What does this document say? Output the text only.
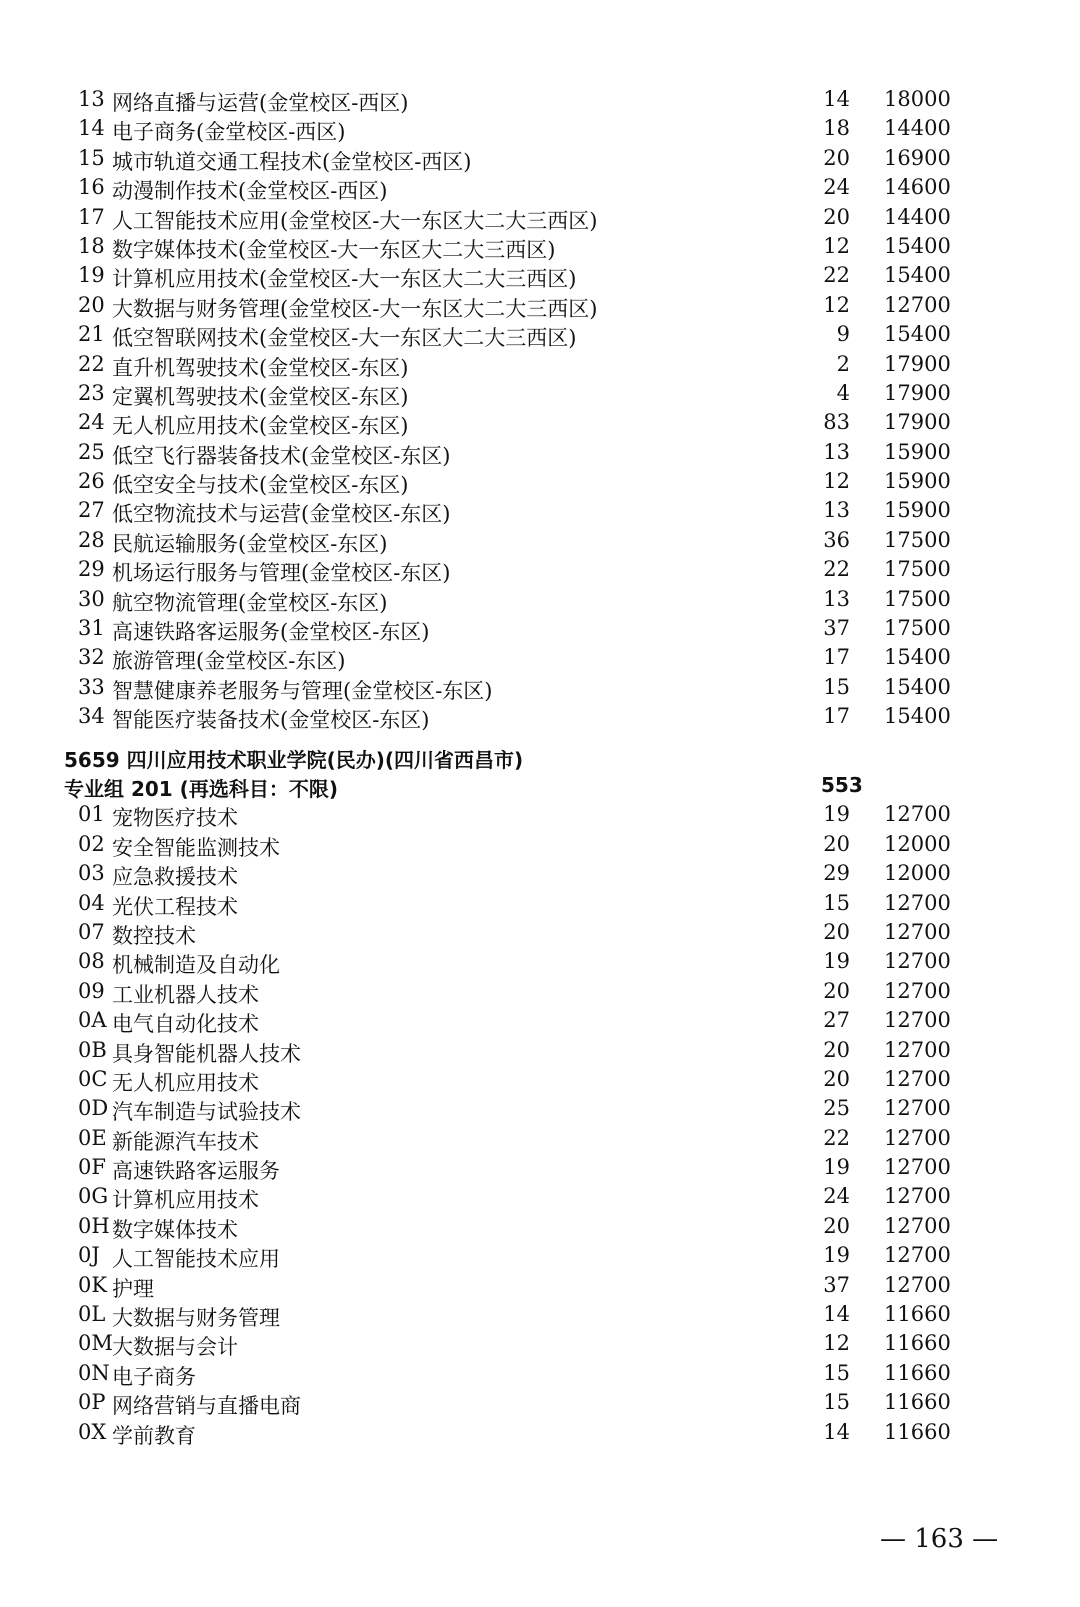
13 网络直播与运营(金堂校区-西区)	14 18000
14 电子商务(金堂校区-西区)	18 14400
15 城市轨道交通工程技术(金堂校区-西区)	20 16900
16 动漫制作技术(金堂校区-西区)	24 14600
17 人工智能技术应用(金堂校区-大一东区大二大三西区)	20 14400
18 数字媒体技术(金堂校区-大一东区大二大三西区)	12 15400
19 计算机应用技术(金堂校区-大一东区大二大三西区)	22 15400
20 大数据与财务管理(金堂校区-大一东区大二大三西区)	12 12700
21 低空智联网技术(金堂校区-大一东区大二大三西区)	9 15400
22 直升机驾驶技术(金堂校区-东区)	2 17900
23 定翼机驾驶技术(金堂校区-东区)	4 17900
24 无人机应用技术(金堂校区-东区)	83 17900
25 低空飞行器装备技术(金堂校区-东区)	13 15900
26 低空安全与技术(金堂校区-东区)	12 15900
27 低空物流技术与运营(金堂校区-东区)	13 15900
28 民航运输服务(金堂校区-东区)	36 17500
29 机场运行服务与管理(金堂校区-东区)	22 17500
30 航空物流管理(金堂校区-东区)	13 17500
31 高速铁路客运服务(金堂校区-东区)	37 17500
32 旅游管理(金堂校区-东区)	17 15400
33 智慧健康养老服务与管理(金堂校区-东区)	15 15400
34 智能医疗装备技术(金堂校区-东区)	17 15400
5659 四川应用技术职业学院(民办)(四川省西昌市)
专业组 201 (再选科目：不限)	553
01 宠物医疗技术	19 12700
02 安全智能监测技术	20 12000
03 应急救援技术	29 12000
04 光伏工程技术	15 12700
07 数控技术	20 12700
08 机械制造及自动化	19 12700
09 工业机器人技术	20 12700
0A 电气自动化技术	27 12700
0B 具身智能机器人技术	20 12700
0C 无人机应用技术	20 12700
0D 汽车制造与试验技术	25 12700
0E 新能源汽车技术	22 12700
0F 高速铁路客运服务	19 12700
0G 计算机应用技术	24 12700
0H 数字媒体技术	20 12700
0J 人工智能技术应用	19 12700
0K 护理	37 12700
0L 大数据与财务管理	14 11660
0M 大数据与会计	12 11660
0N 电子商务	15 11660
0P 网络营销与直播电商	15 11660
0X 学前教育	14 11660
— 163 —
